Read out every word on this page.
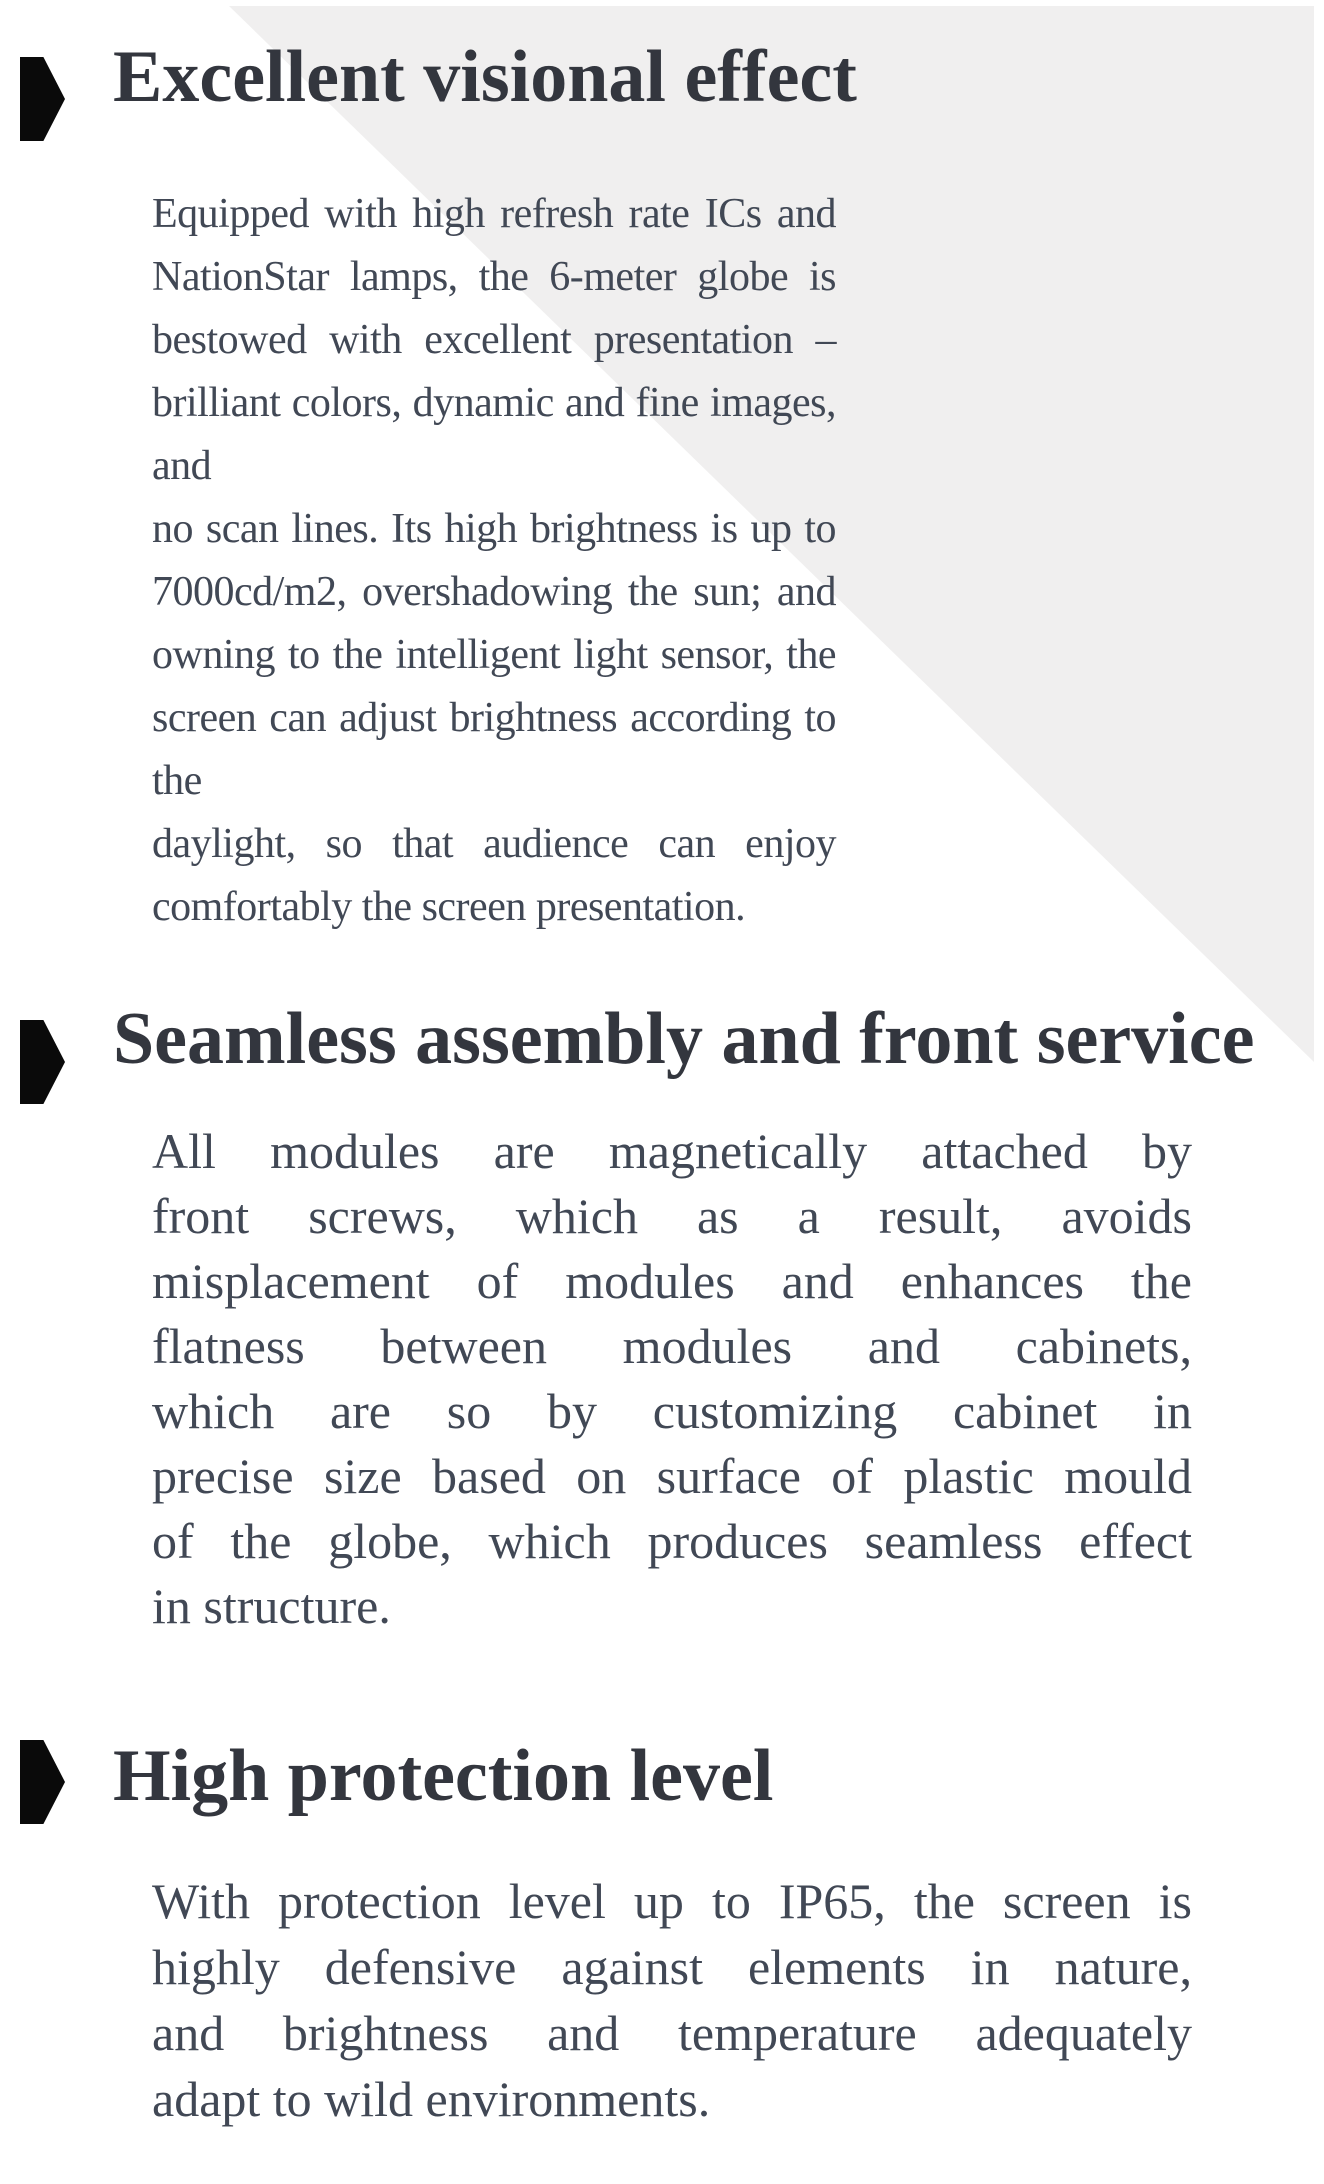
Excellent visional effect
Equipped with high refresh rate ICs and
NationStar lamps, the 6-meter globe is
bestowed with excellent presentation –
brilliant colors, dynamic and fine images, and
no scan lines. Its high brightness is up to
7000cd/m2, overshadowing the sun; and
owning to the intelligent light sensor, the
screen can adjust brightness according to the
daylight, so that audience can enjoy
comfortably the screen presentation.
Seamless assembly and front service
All modules are magnetically attached by
front screws, which as a result, avoids
misplacement of modules and enhances the
flatness between modules and cabinets,
which are so by customizing cabinet in
precise size based on surface of plastic mould
of the globe, which produces seamless effect
in structure.
High protection level
With protection level up to IP65, the screen is
highly defensive against elements in nature,
and brightness and temperature adequately
adapt to wild environments.
